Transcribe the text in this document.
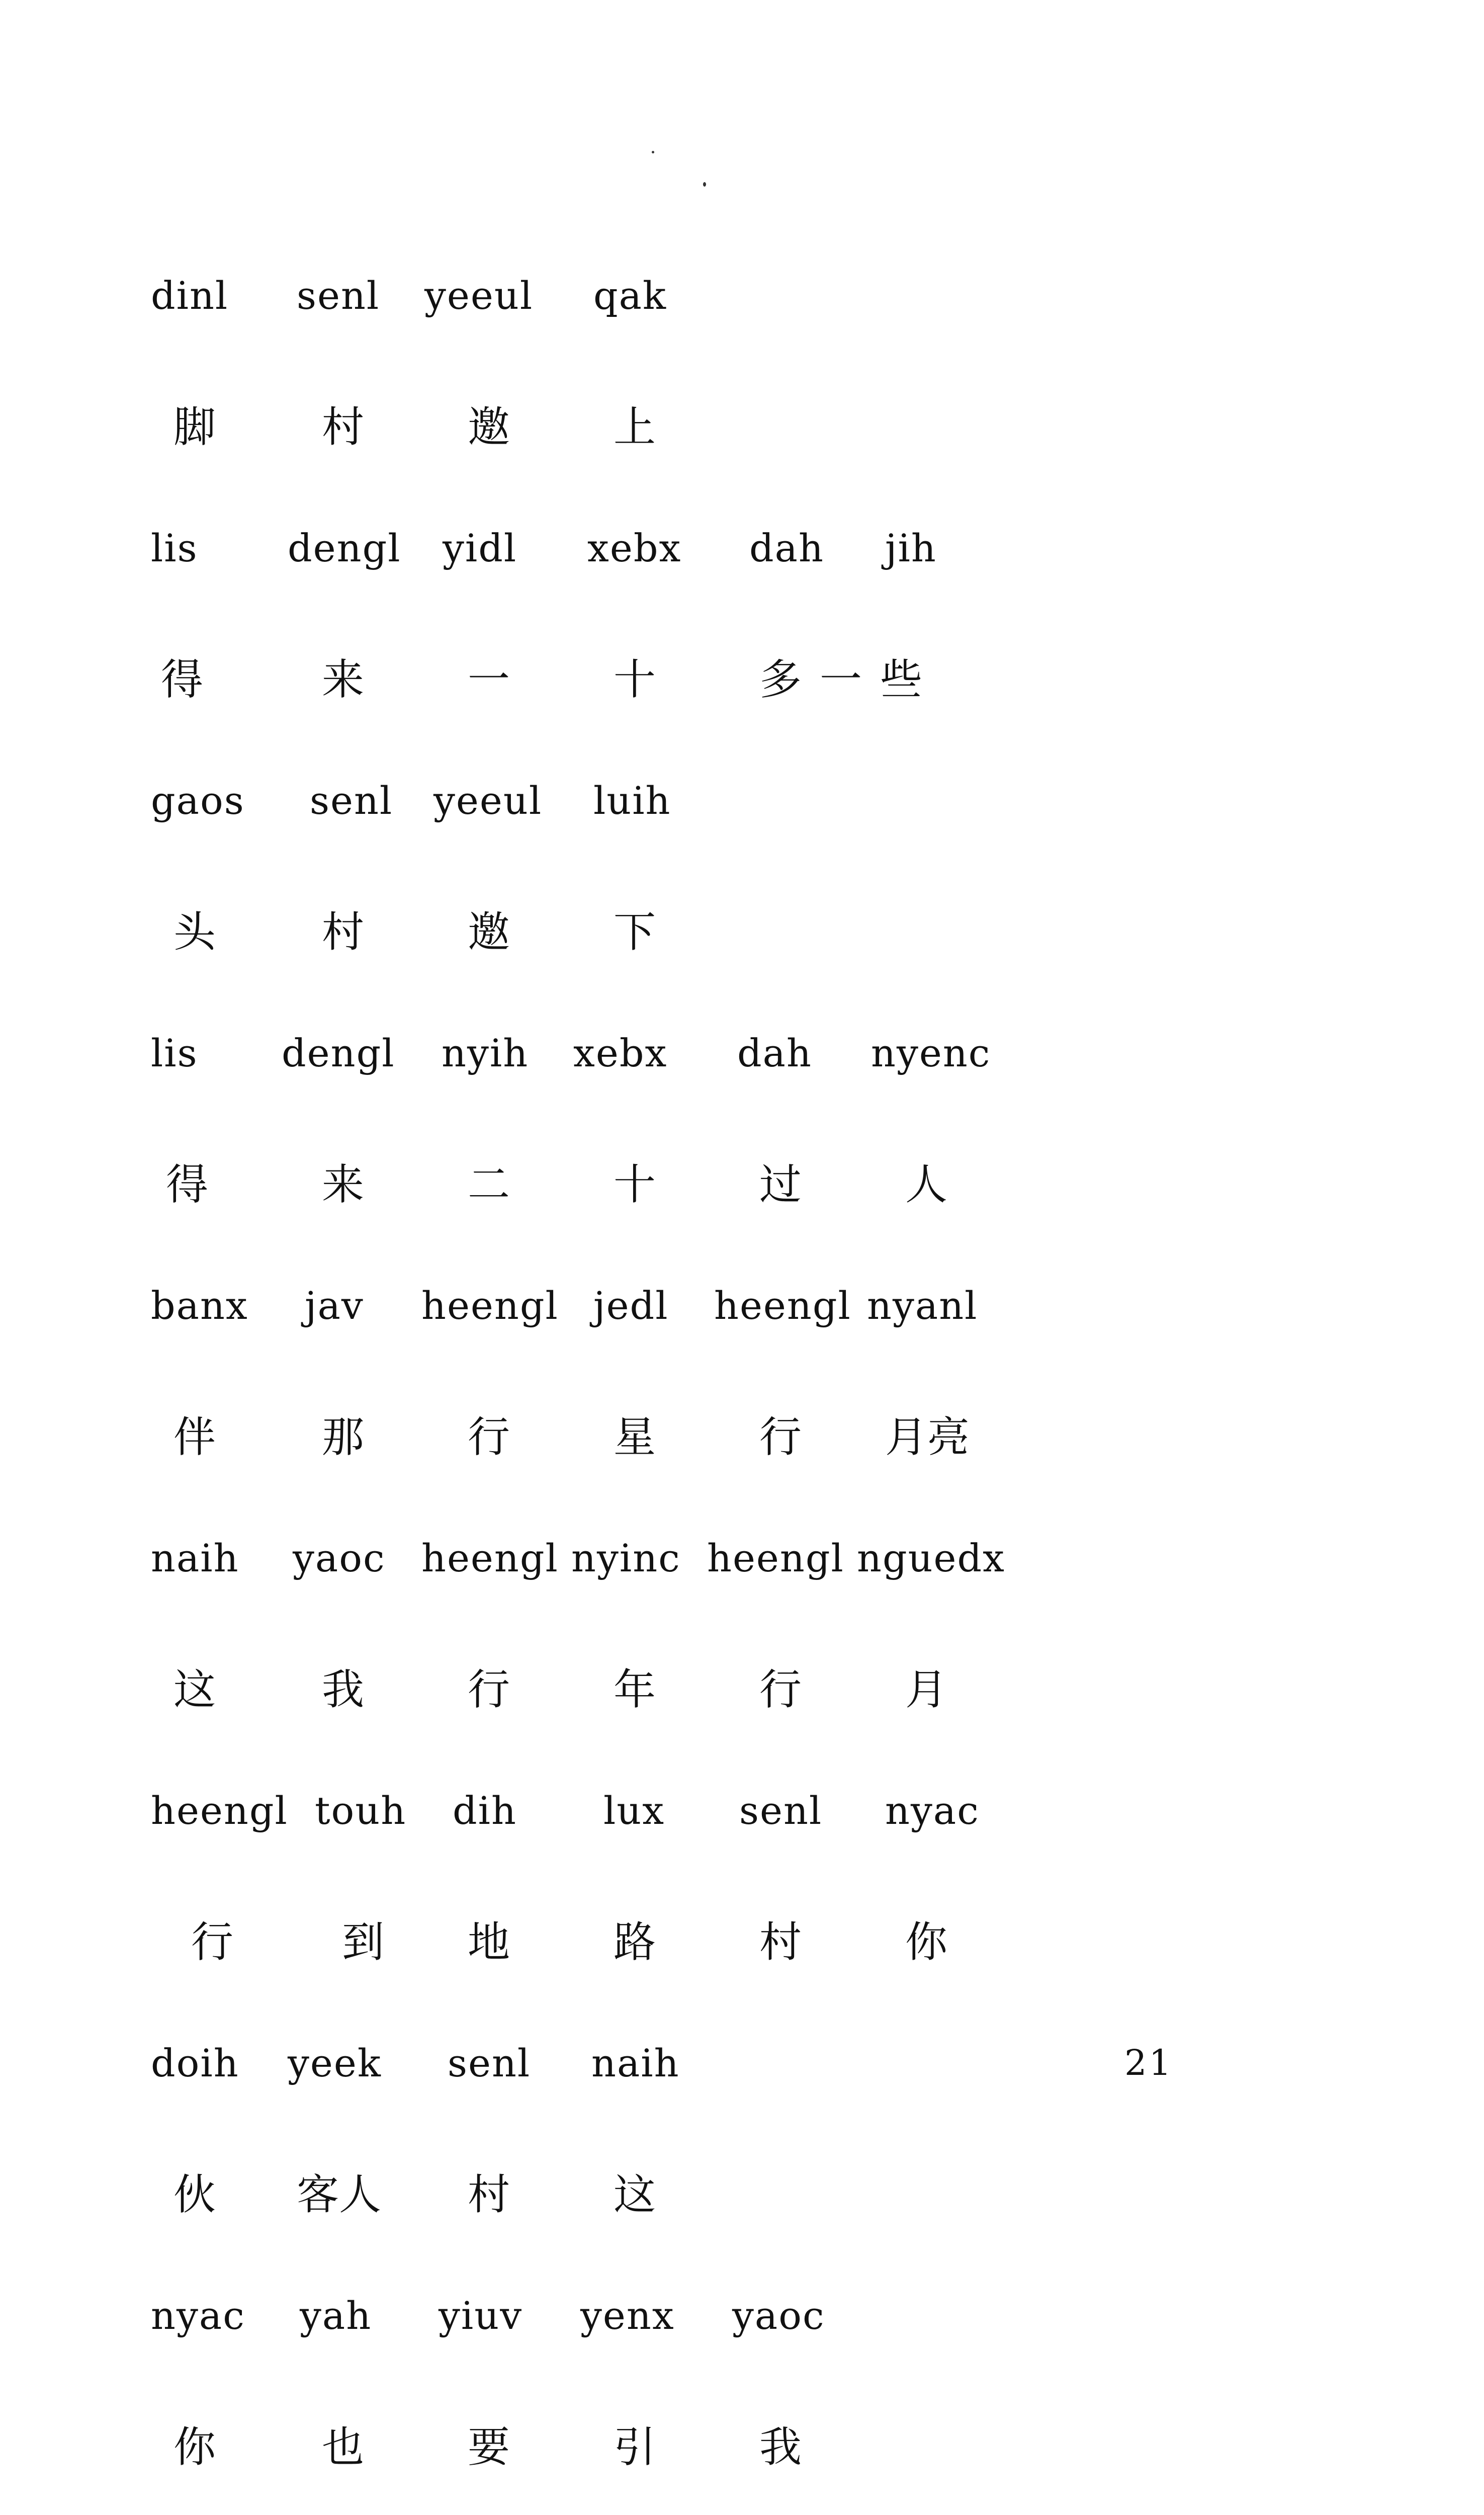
dinl senl yeeul qak
脚	村 邀 上
lis dengl yidl xebx dah jih
得	来 一 十 多一些
gaos senl yeeul luih
头	村 邀 下
lis dengl nyih xebx dah nyenc
得	来 二 十 过 人
banx jav heengl jedl heengl nyanl
伴	那 行 星 行 月亮
naih yaoc heengl nyinc heengl nguedx
这	我 行 年 行 月
heengl touh dih lux senl nyac
行	到 地 路 村 你
doih yeek senl naih
伙 客人 村 这
nyac yah yiuv yenx yaoc
你	也 要 引 我
21
